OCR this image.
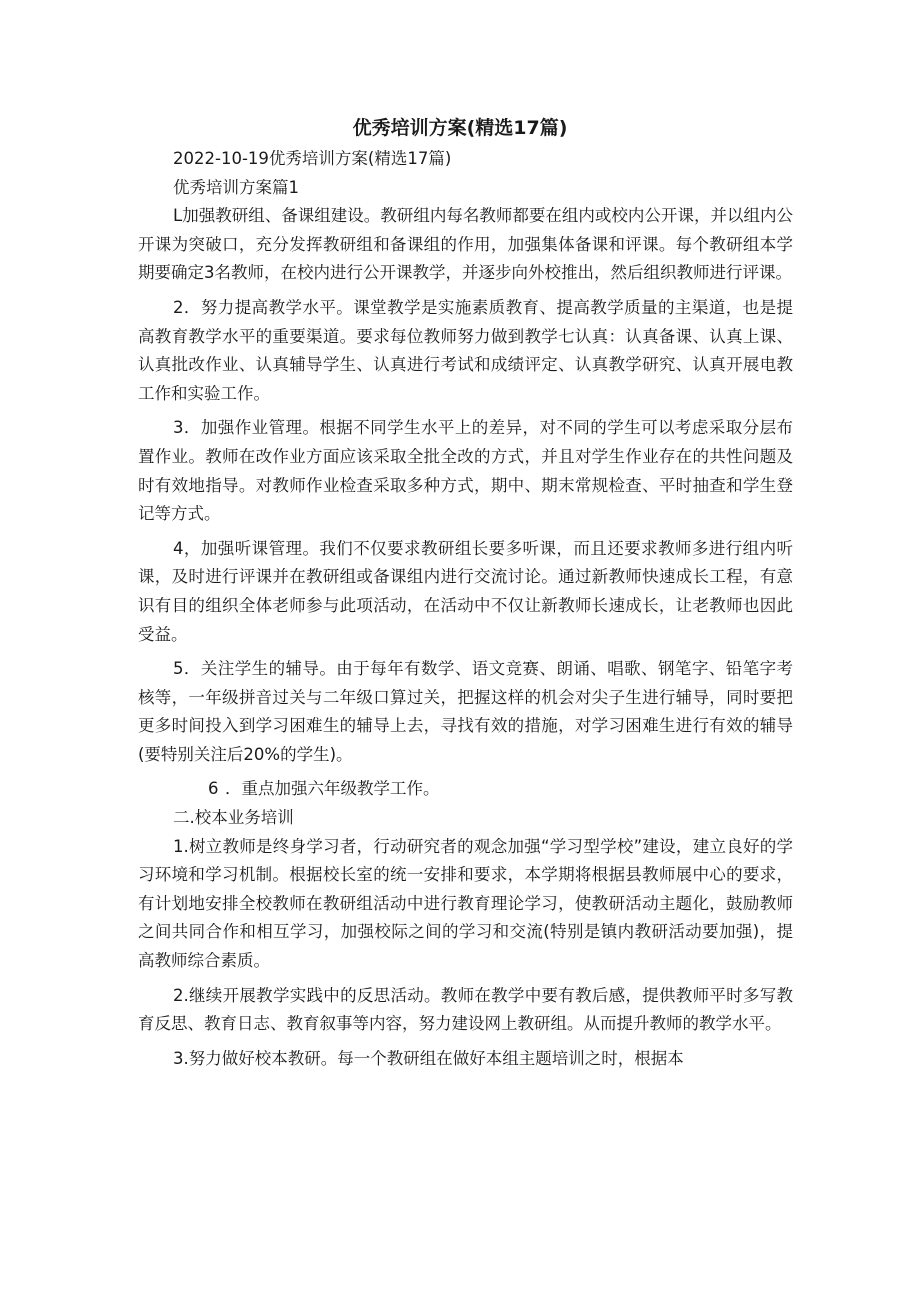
优秀培训方案(精选17篇)

2022-10-19优秀培训方案(精选17篇)

优秀培训方案篇1

L加强教研组、备课组建设。教研组内每名教师都要在组内或校内公开课，并以组内公开课为突破口，充分发挥教研组和备课组的作用，加强集体备课和评课。每个教研组本学期要确定3名教师，在校内进行公开课教学，并逐步向外校推出，然后组织教师进行评课。

2．努力提高教学水平。课堂教学是实施素质教育、提高教学质量的主渠道，也是提高教育教学水平的重要渠道。要求每位教师努力做到教学七认真：认真备课、认真上课、认真批改作业、认真辅导学生、认真进行考试和成绩评定、认真教学研究、认真开展电教工作和实验工作。

3．加强作业管理。根据不同学生水平上的差异，对不同的学生可以考虑采取分层布置作业。教师在改作业方面应该采取全批全改的方式，并且对学生作业存在的共性问题及时有效地指导。对教师作业检查采取多种方式，期中、期末常规检查、平时抽查和学生登记等方式。

4，加强听课管理。我们不仅要求教研组长要多听课，而且还要求教师多进行组内听课，及时进行评课并在教研组或备课组内进行交流讨论。通过新教师快速成长工程，有意识有目的组织全体老师参与此项活动，在活动中不仅让新教师长速成长，让老教师也因此受益。

5．关注学生的辅导。由于每年有数学、语文竞赛、朗诵、唱歌、钢笔字、铅笔字考核等，一年级拼音过关与二年级口算过关，把握这样的机会对尖子生进行辅导，同时要把更多时间投入到学习困难生的辅导上去，寻找有效的措施，对学习困难生进行有效的辅导(要特别关注后20%的学生)。

6 ．重点加强六年级教学工作。

二.校本业务培训

1.树立教师是终身学习者，行动研究者的观念加强“学习型学校”建设，建立良好的学习环境和学习机制。根据校长室的统一安排和要求，本学期将根据县教师展中心的要求，有计划地安排全校教师在教研组活动中进行教育理论学习，使教研活动主题化，鼓励教师之间共同合作和相互学习，加强校际之间的学习和交流(特别是镇内教研活动要加强)，提高教师综合素质。

2.继续开展教学实践中的反思活动。教师在教学中要有教后感，提供教师平时多写教育反思、教育日志、教育叙事等内容，努力建设网上教研组。从而提升教师的教学水平。

3.努力做好校本教研。每一个教研组在做好本组主题培训之时，根据本
